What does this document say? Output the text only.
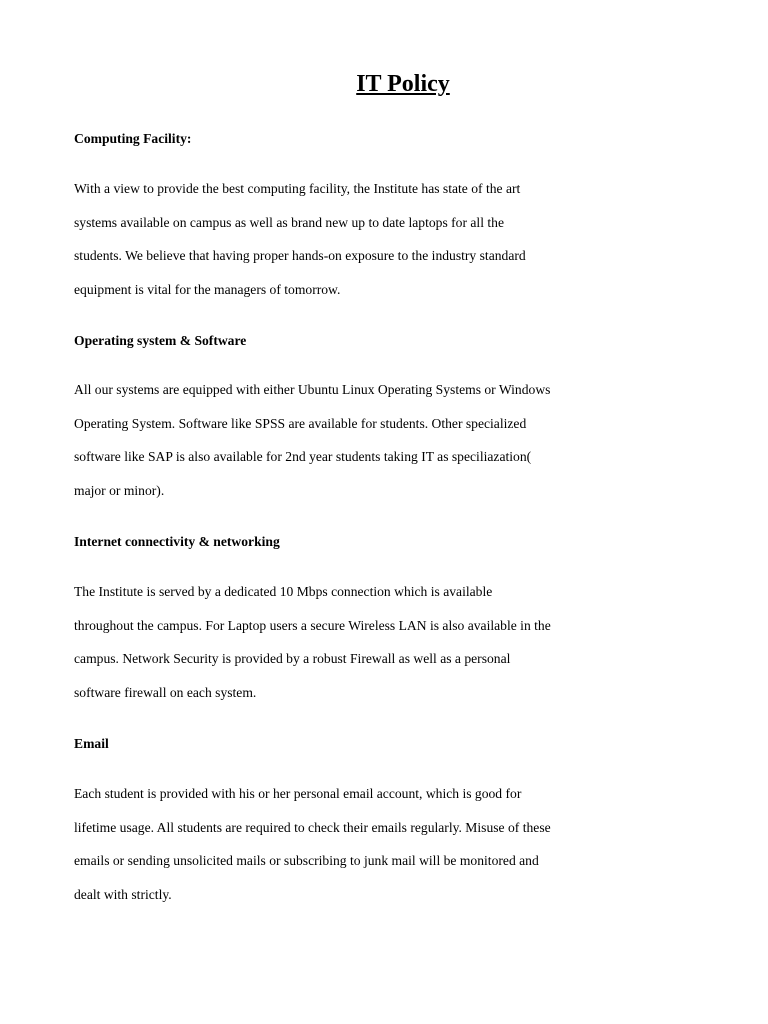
IT Policy
Computing Facility:
With a view to provide the best computing facility, the Institute has state of the art
systems available on campus as well as brand new up to date laptops for all the
students. We believe that having proper hands-on exposure to the industry standard
equipment is vital for the managers of tomorrow.
Operating system & Software
All our systems are equipped with either Ubuntu Linux Operating Systems or Windows
Operating System. Software like SPSS are available for students. Other specialized
software like SAP is also available for 2nd year students taking IT as speciliazation(
major or minor).
Internet connectivity & networking
The Institute is served by a dedicated 10 Mbps connection which is available
throughout the campus. For Laptop users a secure Wireless LAN is also available in the
campus. Network Security is provided by a robust Firewall as well as a personal
software firewall on each system.
Email
Each student is provided with his or her personal email account, which is good for
lifetime usage. All students are required to check their emails regularly. Misuse of these
emails or sending unsolicited mails or subscribing to junk mail will be monitored and
dealt with strictly.
